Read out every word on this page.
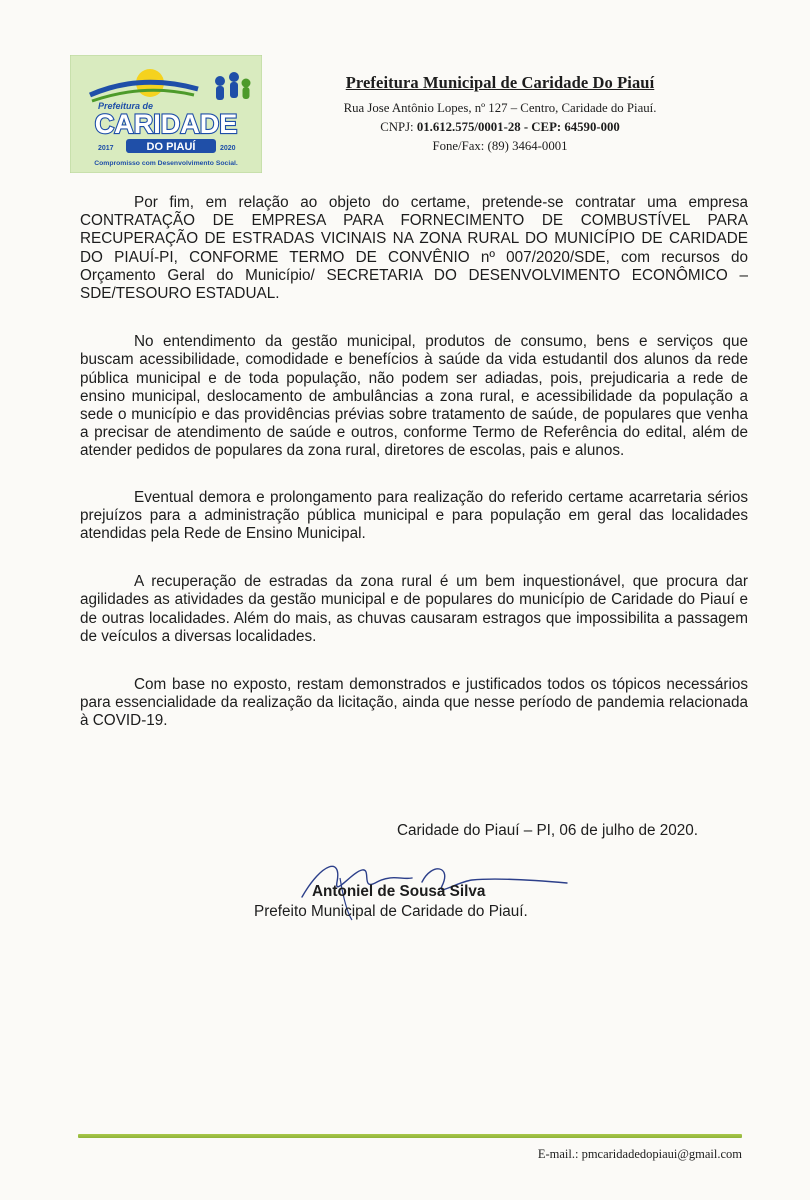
Prefeitura de
CARIDADE
DO PIAUÍ
2017	2020
Compromisso com Desenvolvimento Social.
Prefeitura Municipal de Caridade Do Piauí
Rua Jose Antônio Lopes, nº 127 – Centro, Caridade do Piauí.
CNPJ: 01.612.575/0001-28 - CEP: 64590-000
Fone/Fax: (89) 3464-0001

Por fim, em relação ao objeto do certame, pretende-se contratar uma empresa CONTRATAÇÃO DE EMPRESA PARA FORNECIMENTO DE COMBUSTÍVEL PARA RECUPERAÇÃO DE ESTRADAS VICINAIS NA ZONA RURAL DO MUNICÍPIO DE CARIDADE DO PIAUÍ-PI, CONFORME TERMO DE CONVÊNIO nº 007/2020/SDE, com recursos do Orçamento Geral do Município/ SECRETARIA DO DESENVOLVIMENTO ECONÔMICO – SDE/TESOURO ESTADUAL.

No entendimento da gestão municipal, produtos de consumo, bens e serviços que buscam acessibilidade, comodidade e benefícios à saúde da vida estudantil dos alunos da rede pública municipal e de toda população, não podem ser adiadas, pois, prejudicaria a rede de ensino municipal, deslocamento de ambulâncias a zona rural, e acessibilidade da população a sede o município e das providências prévias sobre tratamento de saúde, de populares que venha a precisar de atendimento de saúde e outros, conforme Termo de Referência do edital, além de atender pedidos de populares da zona rural, diretores de escolas, pais e alunos.

Eventual demora e prolongamento para realização do referido certame acarretaria sérios prejuízos para a administração pública municipal e para população em geral das localidades atendidas pela Rede de Ensino Municipal.

A recuperação de estradas da zona rural é um bem inquestionável, que procura dar agilidades as atividades da gestão municipal e de populares do município de Caridade do Piauí e de outras localidades. Além do mais, as chuvas causaram estragos que impossibilita a passagem de veículos a diversas localidades.

Com base no exposto, restam demonstrados e justificados todos os tópicos necessários para essencialidade da realização da licitação, ainda que nesse período de pandemia relacionada à COVID-19.

Caridade do Piauí – PI, 06 de julho de 2020.
Antoniel de Sousa Silva
Prefeito Municipal de Caridade do Piauí.
E-mail.: pmcaridadedopiaui@gmail.com
